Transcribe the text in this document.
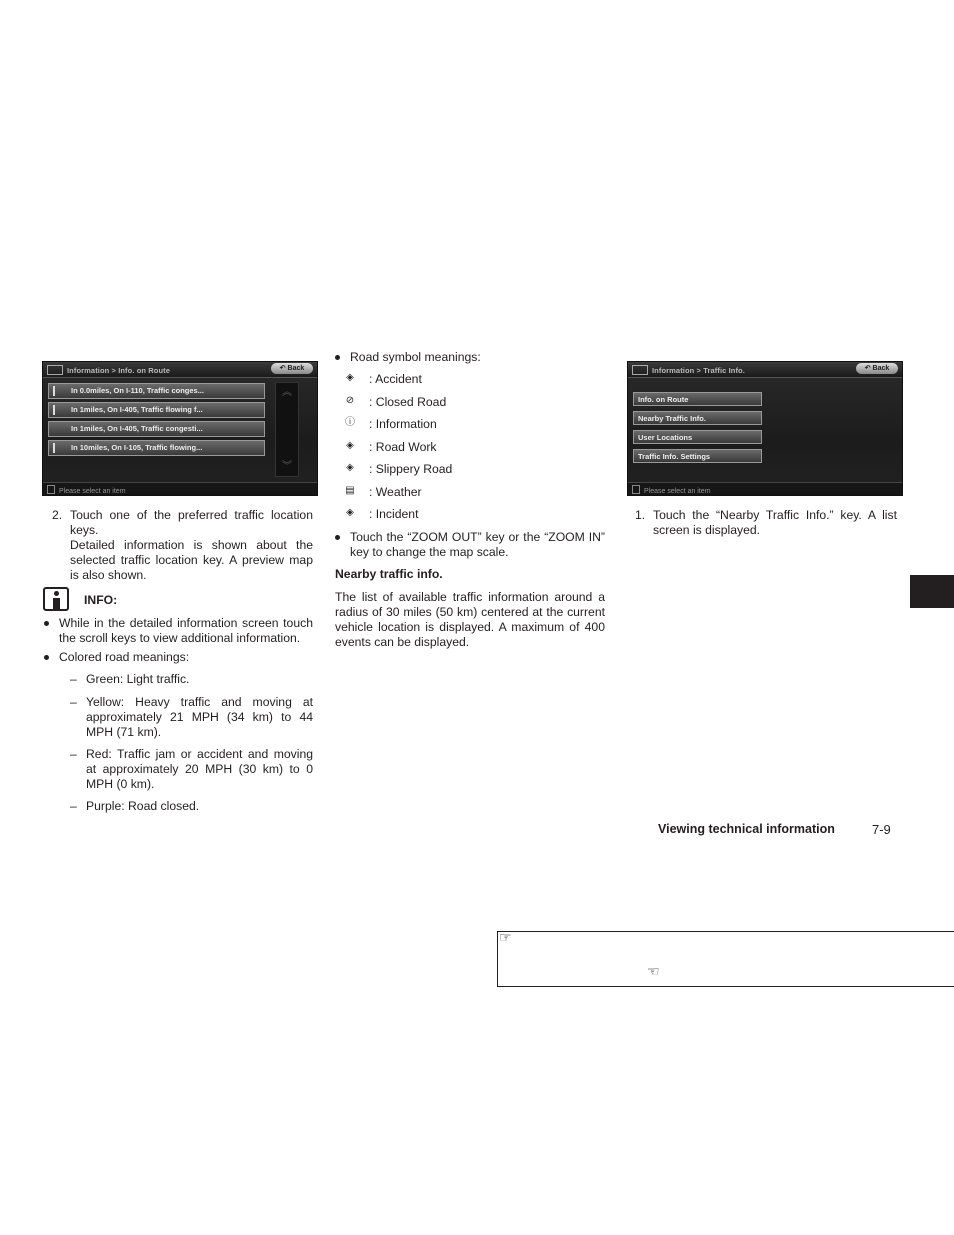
Information > Info. on Route	↶ Back
In 0.0miles, On I-110, Traffic conges...
In 1miles, On I-405, Traffic flowing f...
In 1miles, On I-405, Traffic congesti...
In 10miles, On I-105, Traffic flowing...
︽
︾
Please select an item
2. Touch one of the preferred traffic location keys.
Detailed information is shown about the selected traffic location key. A preview map is also shown.
INFO:
While in the detailed information screen touch the scroll keys to view additional information.
Colored road meanings:
– Green: Light traffic.
– Yellow: Heavy traffic and moving at approximately 21 MPH (34 km) to 44 MPH (71 km).
– Red: Traffic jam or accident and moving at approximately 20 MPH (30 km) to 0 MPH (0 km).
– Purple: Road closed.
Road symbol meanings:
◈ : Accident
⊘ : Closed Road
ⓘ : Information
◈ : Road Work
◈ : Slippery Road
▤ : Weather
◈ : Incident
Touch the “ZOOM OUT” key or the “ZOOM IN” key to change the map scale.
Nearby traffic info.
The list of available traffic information around a radius of 30 miles (50 km) centered at the current vehicle location is displayed. A maximum of 400 events can be displayed.
Information > Traffic Info.	↶ Back
Info. on Route
Nearby Traffic Info.
User Locations
Traffic Info. Settings
Please select an item
1. Touch the “Nearby Traffic Info.” key. A list screen is displayed.
Viewing technical information	7-9
☞
☜
